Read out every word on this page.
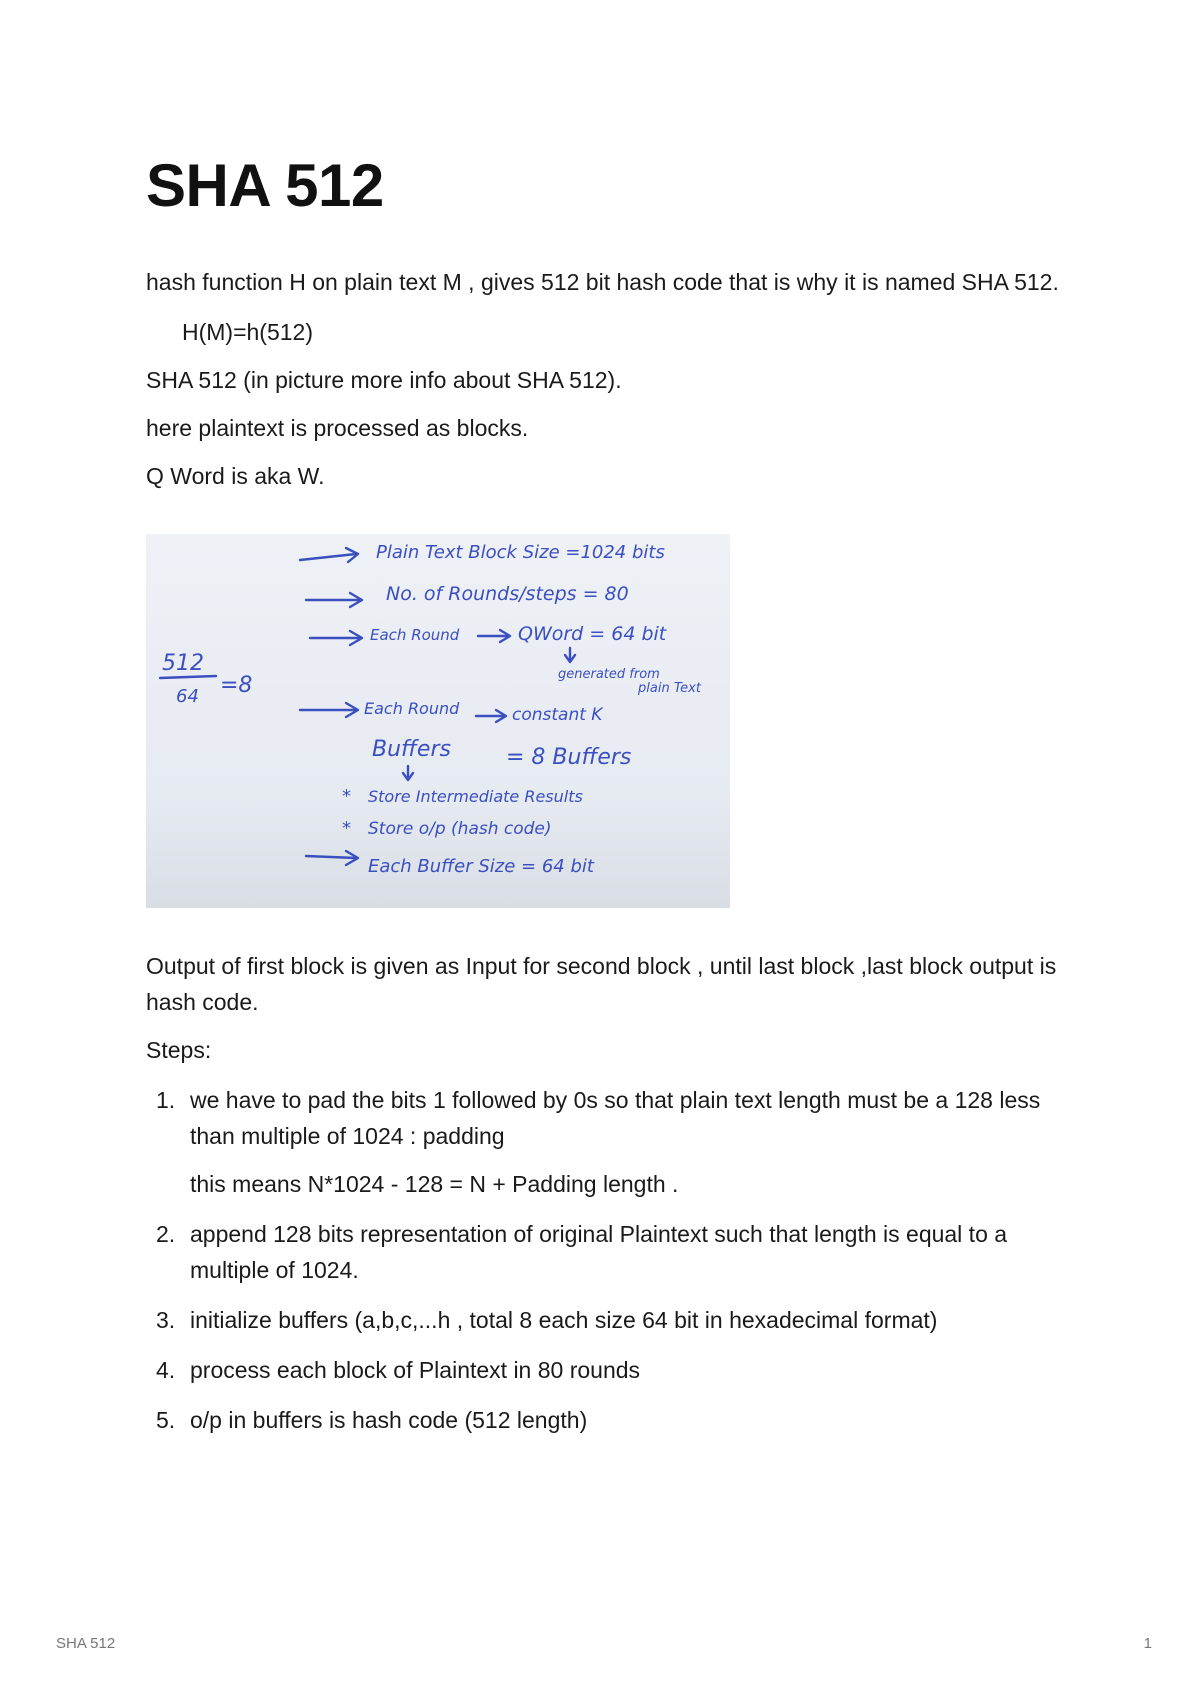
SHA 512

hash function H on plain text M , gives 512 bit hash code that is why it is named SHA 512.

H(M)=h(512)

SHA 512 (in picture more info about SHA 512).

here plaintext is processed as blocks.

Q Word is aka W.

512
64 =8
Plain Text Block Size =1024 bits
No. of Rounds/steps = 80
Each Round	QWord = 64 bit
generated from
plain Text
Each Round	constant K
Buffers	= 8 Buffers
* Store Intermediate Results
* Store o/p (hash code)
Each Buffer Size = 64 bit

Output of first block is given as Input for second block , until last block ,last block output is hash code.

Steps:

1. we have to pad the bits 1 followed by 0s so that plain text length must be a 128 less than multiple of 1024 : padding
this means N*1024 - 128 = N + Padding length .
2. append 128 bits representation of original Plaintext such that length is equal to a multiple of 1024.
3. initialize buffers (a,b,c,...h , total 8 each size 64 bit in hexadecimal format)
4. process each block of Plaintext in 80 rounds
5. o/p in buffers is hash code (512 length)
SHA 512	1
